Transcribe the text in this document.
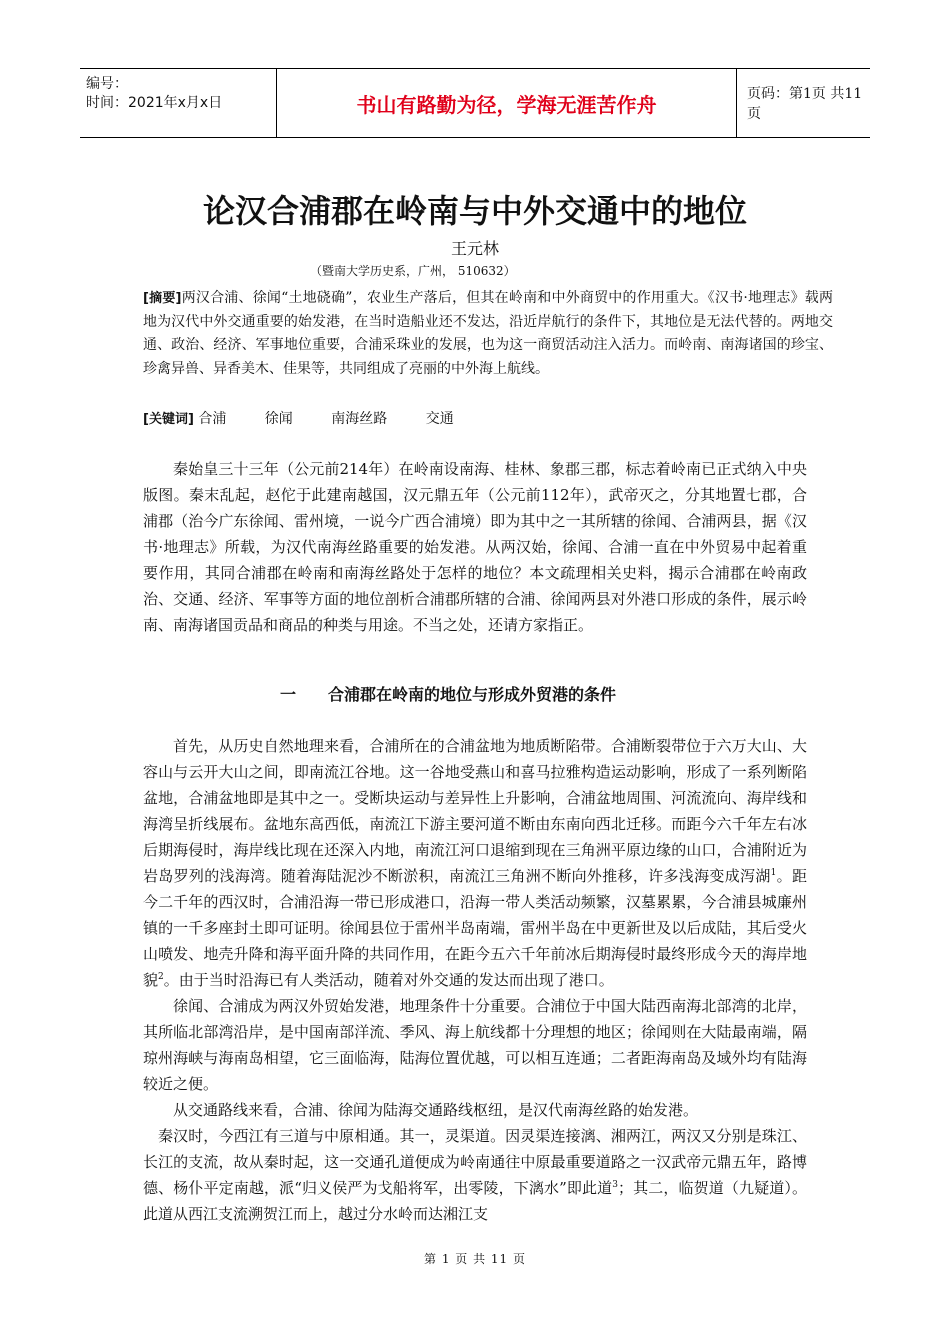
编号：
时间：2021年x月x日	书山有路勤为径，学海无涯苦作舟	页码：第1页 共11页
论汉合浦郡在岭南与中外交通中的地位
王元林
（暨南大学历史系，广州， 510632）

[摘要]两汉合浦、徐闻“土地硗确”，农业生产落后，但其在岭南和中外商贸中的作用重大。《汉书·地理志》载两地为汉代中外交通重要的始发港，在当时造船业还不发达，沿近岸航行的条件下，其地位是无法代替的。两地交通、政治、经济、军事地位重要，合浦采珠业的发展，也为这一商贸活动注入活力。而岭南、南海诸国的珍宝、珍禽异兽、异香美木、佳果等，共同组成了亮丽的中外海上航线。

[关键词] 合浦	徐闻	南海丝路	交通

秦始皇三十三年（公元前214年）在岭南设南海、桂林、象郡三郡，标志着岭南已正式纳入中央版图。秦末乱起，赵佗于此建南越国，汉元鼎五年（公元前112年），武帝灭之，分其地置七郡，合浦郡（治今广东徐闻、雷州境，一说今广西合浦境）即为其中之一其所辖的徐闻、合浦两县，据《汉书·地理志》所载，为汉代南海丝路重要的始发港。从两汉始，徐闻、合浦一直在中外贸易中起着重要作用，其同合浦郡在岭南和南海丝路处于怎样的地位？本文疏理相关史料，揭示合浦郡在岭南政治、交通、经济、军事等方面的地位剖析合浦郡所辖的合浦、徐闻两县对外港口形成的条件，展示岭南、南海诸国贡品和商品的种类与用途。不当之处，还请方家指正。

一 合浦郡在岭南的地位与形成外贸港的条件

首先，从历史自然地理来看，合浦所在的合浦盆地为地质断陷带。合浦断裂带位于六万大山、大容山与云开大山之间，即南流江谷地。这一谷地受燕山和喜马拉雅构造运动影响，形成了一系列断陷盆地，合浦盆地即是其中之一。受断块运动与差异性上升影响，合浦盆地周围、河流流向、海岸线和海湾呈折线展布。盆地东高西低，南流江下游主要河道不断由东南向西北迁移。而距今六千年左右冰后期海侵时，海岸线比现在还深入内地，南流江河口退缩到现在三角洲平原边缘的山口，合浦附近为岩岛罗列的浅海湾。随着海陆泥沙不断淤积，南流江三角洲不断向外推移，许多浅海变成泻湖$^1$。距今二千年的西汉时，合浦沿海一带已形成港口，沿海一带人类活动频繁，汉墓累累，今合浦县城廉州镇的一千多座封土即可证明。徐闻县位于雷州半岛南端，雷州半岛在中更新世及以后成陆，其后受火山喷发、地壳升降和海平面升降的共同作用，在距今五六千年前冰后期海侵时最终形成今天的海岸地貌$^2$。由于当时沿海已有人类活动，随着对外交通的发达而出现了港口。

徐闻、合浦成为两汉外贸始发港，地理条件十分重要。合浦位于中国大陆西南海北部湾的北岸，其所临北部湾沿岸，是中国南部洋流、季风、海上航线都十分理想的地区；徐闻则在大陆最南端，隔琼州海峡与海南岛相望，它三面临海，陆海位置优越，可以相互连通；二者距海南岛及域外均有陆海较近之便。

从交通路线来看，合浦、徐闻为陆海交通路线枢纽，是汉代南海丝路的始发港。

秦汉时，今西江有三道与中原相通。其一，灵渠道。因灵渠连接漓、湘两江，两汉又分别是珠江、长江的支流，故从秦时起，这一交通孔道便成为岭南通往中原最重要道路之一汉武帝元鼎五年，路博德、杨仆平定南越，派“归义侯严为戈船将军，出零陵，下漓水”即此道$^3$；其二，临贺道（九疑道）。此道从西江支流溯贺江而上，越过分水岭而达湘江支

第 1 页 共 11 页
